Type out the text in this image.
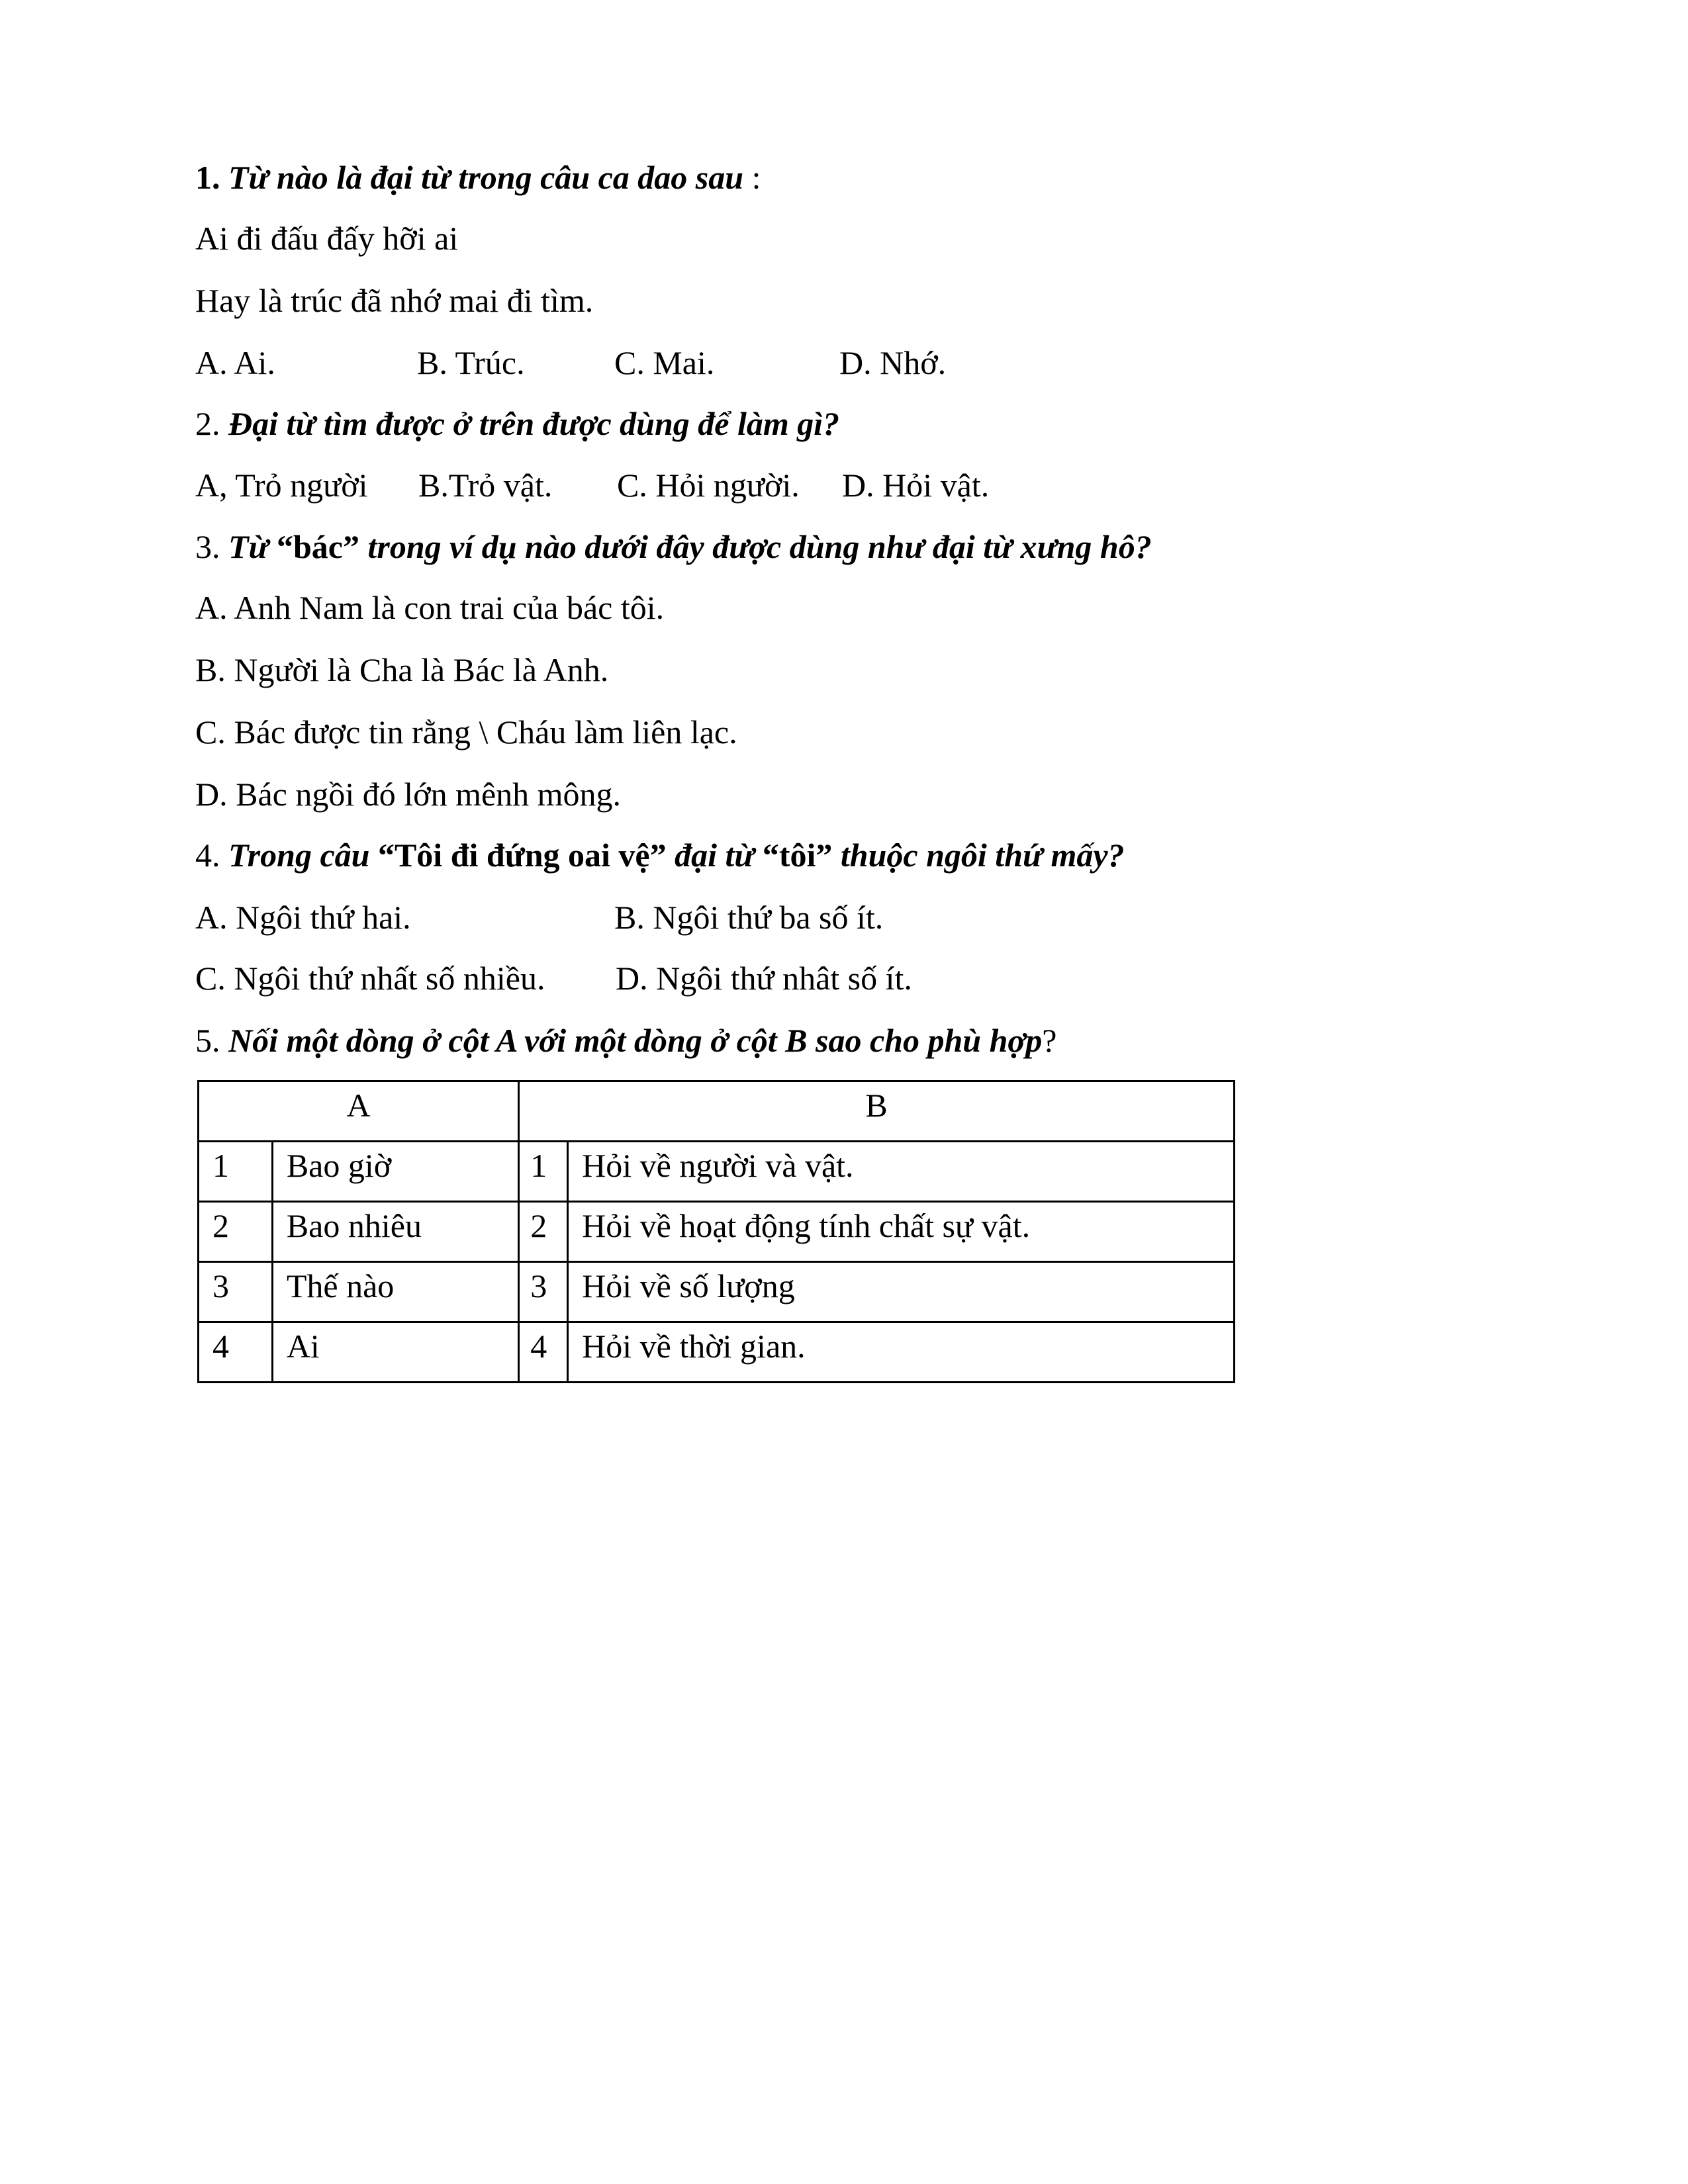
1. Từ nào là đại từ trong câu ca dao sau :
Ai đi đấu đấy hỡi ai
Hay là trúc đã nhớ mai đi tìm.
A. Ai.	B. Trúc.	C. Mai.	D. Nhớ.
2. Đại từ tìm được ở trên được dùng để làm gì?
A, Trỏ người B.Trỏ vật. C. Hỏi người. D. Hỏi vật.
3. Từ “bác” trong ví dụ nào dưới đây được dùng như đại từ xưng hô?
A. Anh Nam là con trai của bác tôi.
B. Người là Cha là Bác là Anh.
C. Bác được tin rằng \ Cháu làm liên lạc.
D. Bác ngồi đó lớn mênh mông.
4. Trong câu “Tôi đi đứng oai vệ” đại từ “tôi” thuộc ngôi thứ mấy?
A. Ngôi thứ hai.	B. Ngôi thứ ba số ít.
C. Ngôi thứ nhất số nhiều. D. Ngôi thứ nhât số ít.
5. Nối một dòng ở cột A với một dòng ở cột B sao cho phù hợp?
A		B	
1	Bao giờ	1	Hỏi về người và vật.
2	Bao nhiêu	2	Hỏi về hoạt động tính chất sự vật.
3	Thế nào	3	Hỏi về số lượng
4	Ai	4	Hỏi về thời gian.
